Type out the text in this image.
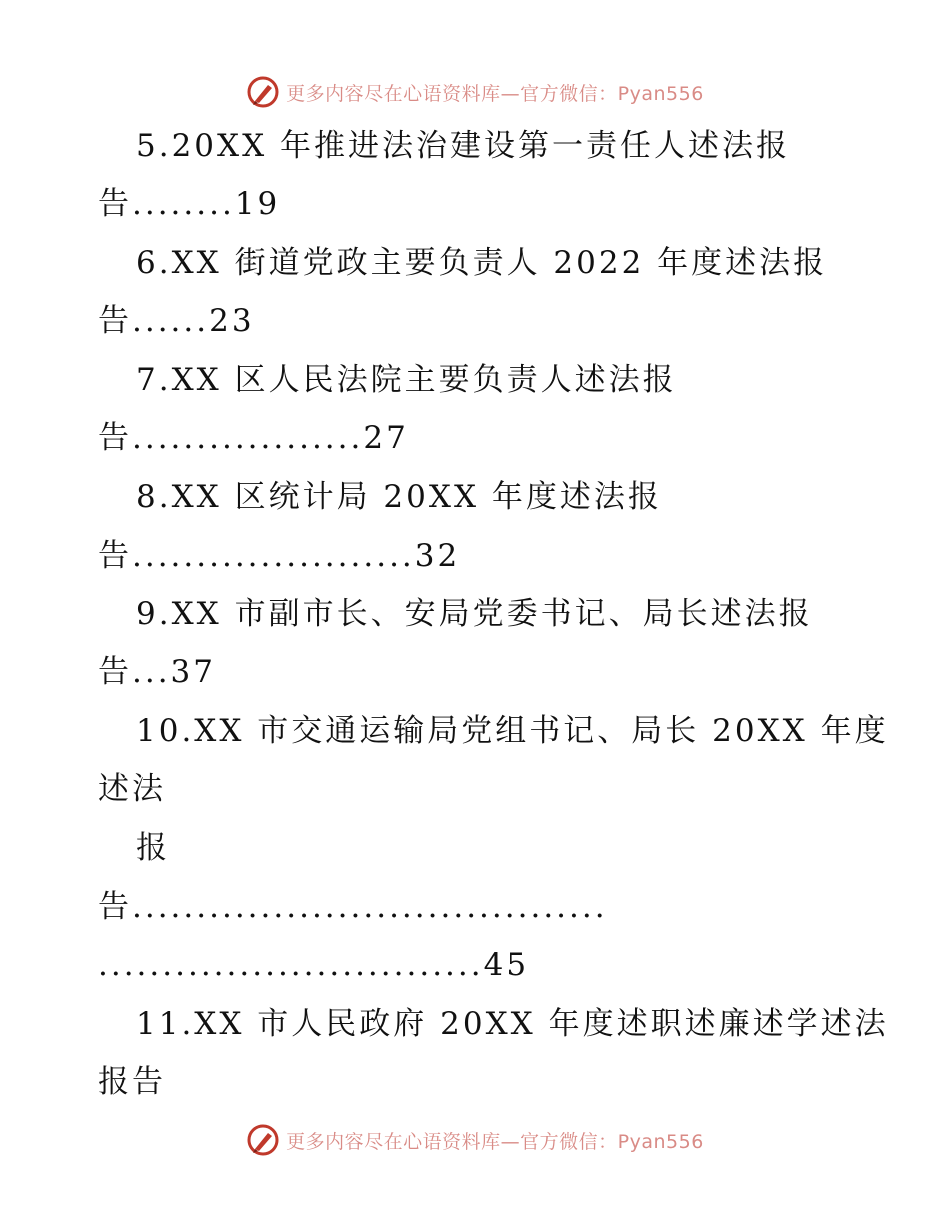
更多内容尽在心语资料库—官方微信：Pyan556
5.20XX 年推进法治建设第一责任人述法报
告........19
6.XX 街道党政主要负责人 2022 年度述法报
告......23
7.XX 区人民法院主要负责人述法报
告..................27
8.XX 区统计局 20XX 年度述法报
告......................32
9.XX 市副市长、安局党委书记、局长述法报
告...37
10.XX 市交通运输局党组书记、局长 20XX 年度
述法
报
告.....................................
..............................45
11.XX 市人民政府 20XX 年度述职述廉述学述法
报告
更多内容尽在心语资料库—官方微信：Pyan556
